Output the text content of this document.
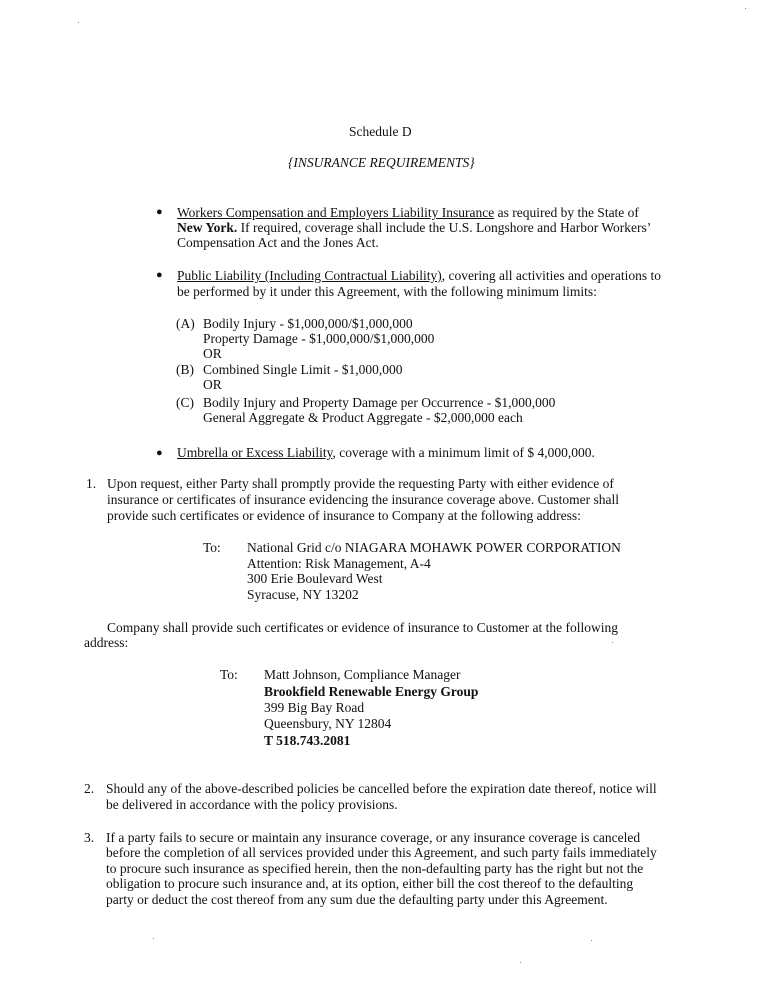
Schedule D
{INSURANCE REQUIREMENTS}
● Workers Compensation and Employers Liability Insurance as required by the State of
New York. If required, coverage shall include the U.S. Longshore and Harbor Workers’
Compensation Act and the Jones Act.
● Public Liability (Including Contractual Liability), covering all activities and operations to
be performed by it under this Agreement, with the following minimum limits:
(A) Bodily Injury - $1,000,000/$1,000,000
Property Damage - $1,000,000/$1,000,000
OR
(B) Combined Single Limit - $1,000,000
OR
(C) Bodily Injury and Property Damage per Occurrence - $1,000,000
General Aggregate & Product Aggregate - $2,000,000 each
● Umbrella or Excess Liability, coverage with a minimum limit of $ 4,000,000.
1. Upon request, either Party shall promptly provide the requesting Party with either evidence of
insurance or certificates of insurance evidencing the insurance coverage above. Customer shall
provide such certificates or evidence of insurance to Company at the following address:
To: National Grid c/o NIAGARA MOHAWK POWER CORPORATION
Attention: Risk Management, A-4
300 Erie Boulevard West
Syracuse, NY 13202
Company shall provide such certificates or evidence of insurance to Customer at the following
address:
To: Matt Johnson, Compliance Manager
Brookfield Renewable Energy Group
399 Big Bay Road
Queensbury, NY 12804
T 518.743.2081
2. Should any of the above-described policies be cancelled before the expiration date thereof, notice will
be delivered in accordance with the policy provisions.
3. If a party fails to secure or maintain any insurance coverage, or any insurance coverage is canceled
before the completion of all services provided under this Agreement, and such party fails immediately
to procure such insurance as specified herein, then the non-defaulting party has the right but not the
obligation to procure such insurance and, at its option, either bill the cost thereof to the defaulting
party or deduct the cost thereof from any sum due the defaulting party under this Agreement.
